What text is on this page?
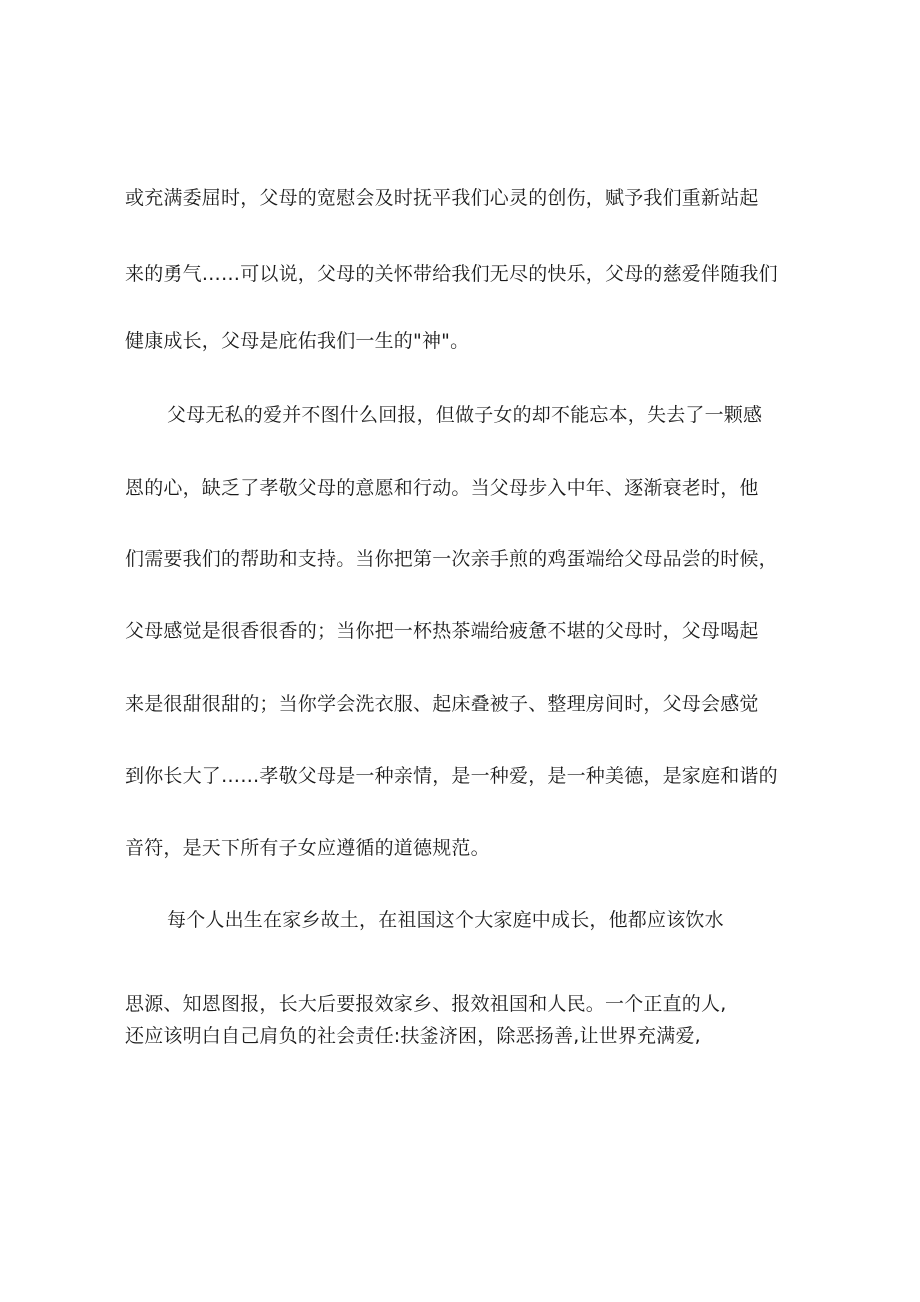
或充满委屈时，父母的宽慰会及时抚平我们心灵的创伤，赋予我们重新站起
来的勇气……可以说，父母的关怀带给我们无尽的快乐，父母的慈爱伴随我们
健康成长，父母是庇佑我们一生的"神"。
父母无私的爱并不图什么回报，但做子女的却不能忘本，失去了一颗感
恩的心，缺乏了孝敬父母的意愿和行动。当父母步入中年、逐渐衰老时，他
们需要我们的帮助和支持。当你把第一次亲手煎的鸡蛋端给父母品尝的时候，
父母感觉是很香很香的；当你把一杯热茶端给疲惫不堪的父母时，父母喝起
来是很甜很甜的；当你学会洗衣服、起床叠被子、整理房间时，父母会感觉
到你长大了……孝敬父母是一种亲情，是一种爱，是一种美德，是家庭和谐的
音符，是天下所有子女应遵循的道德规范。
每个人出生在家乡故土，在祖国这个大家庭中成长，他都应该饮水
思源、知恩图报，长大后要报效家乡、报效祖国和人民。一个正直的人,
还应该明白自己肩负的社会责任:扶釜济困，除恶扬善,让世界充满爱,
